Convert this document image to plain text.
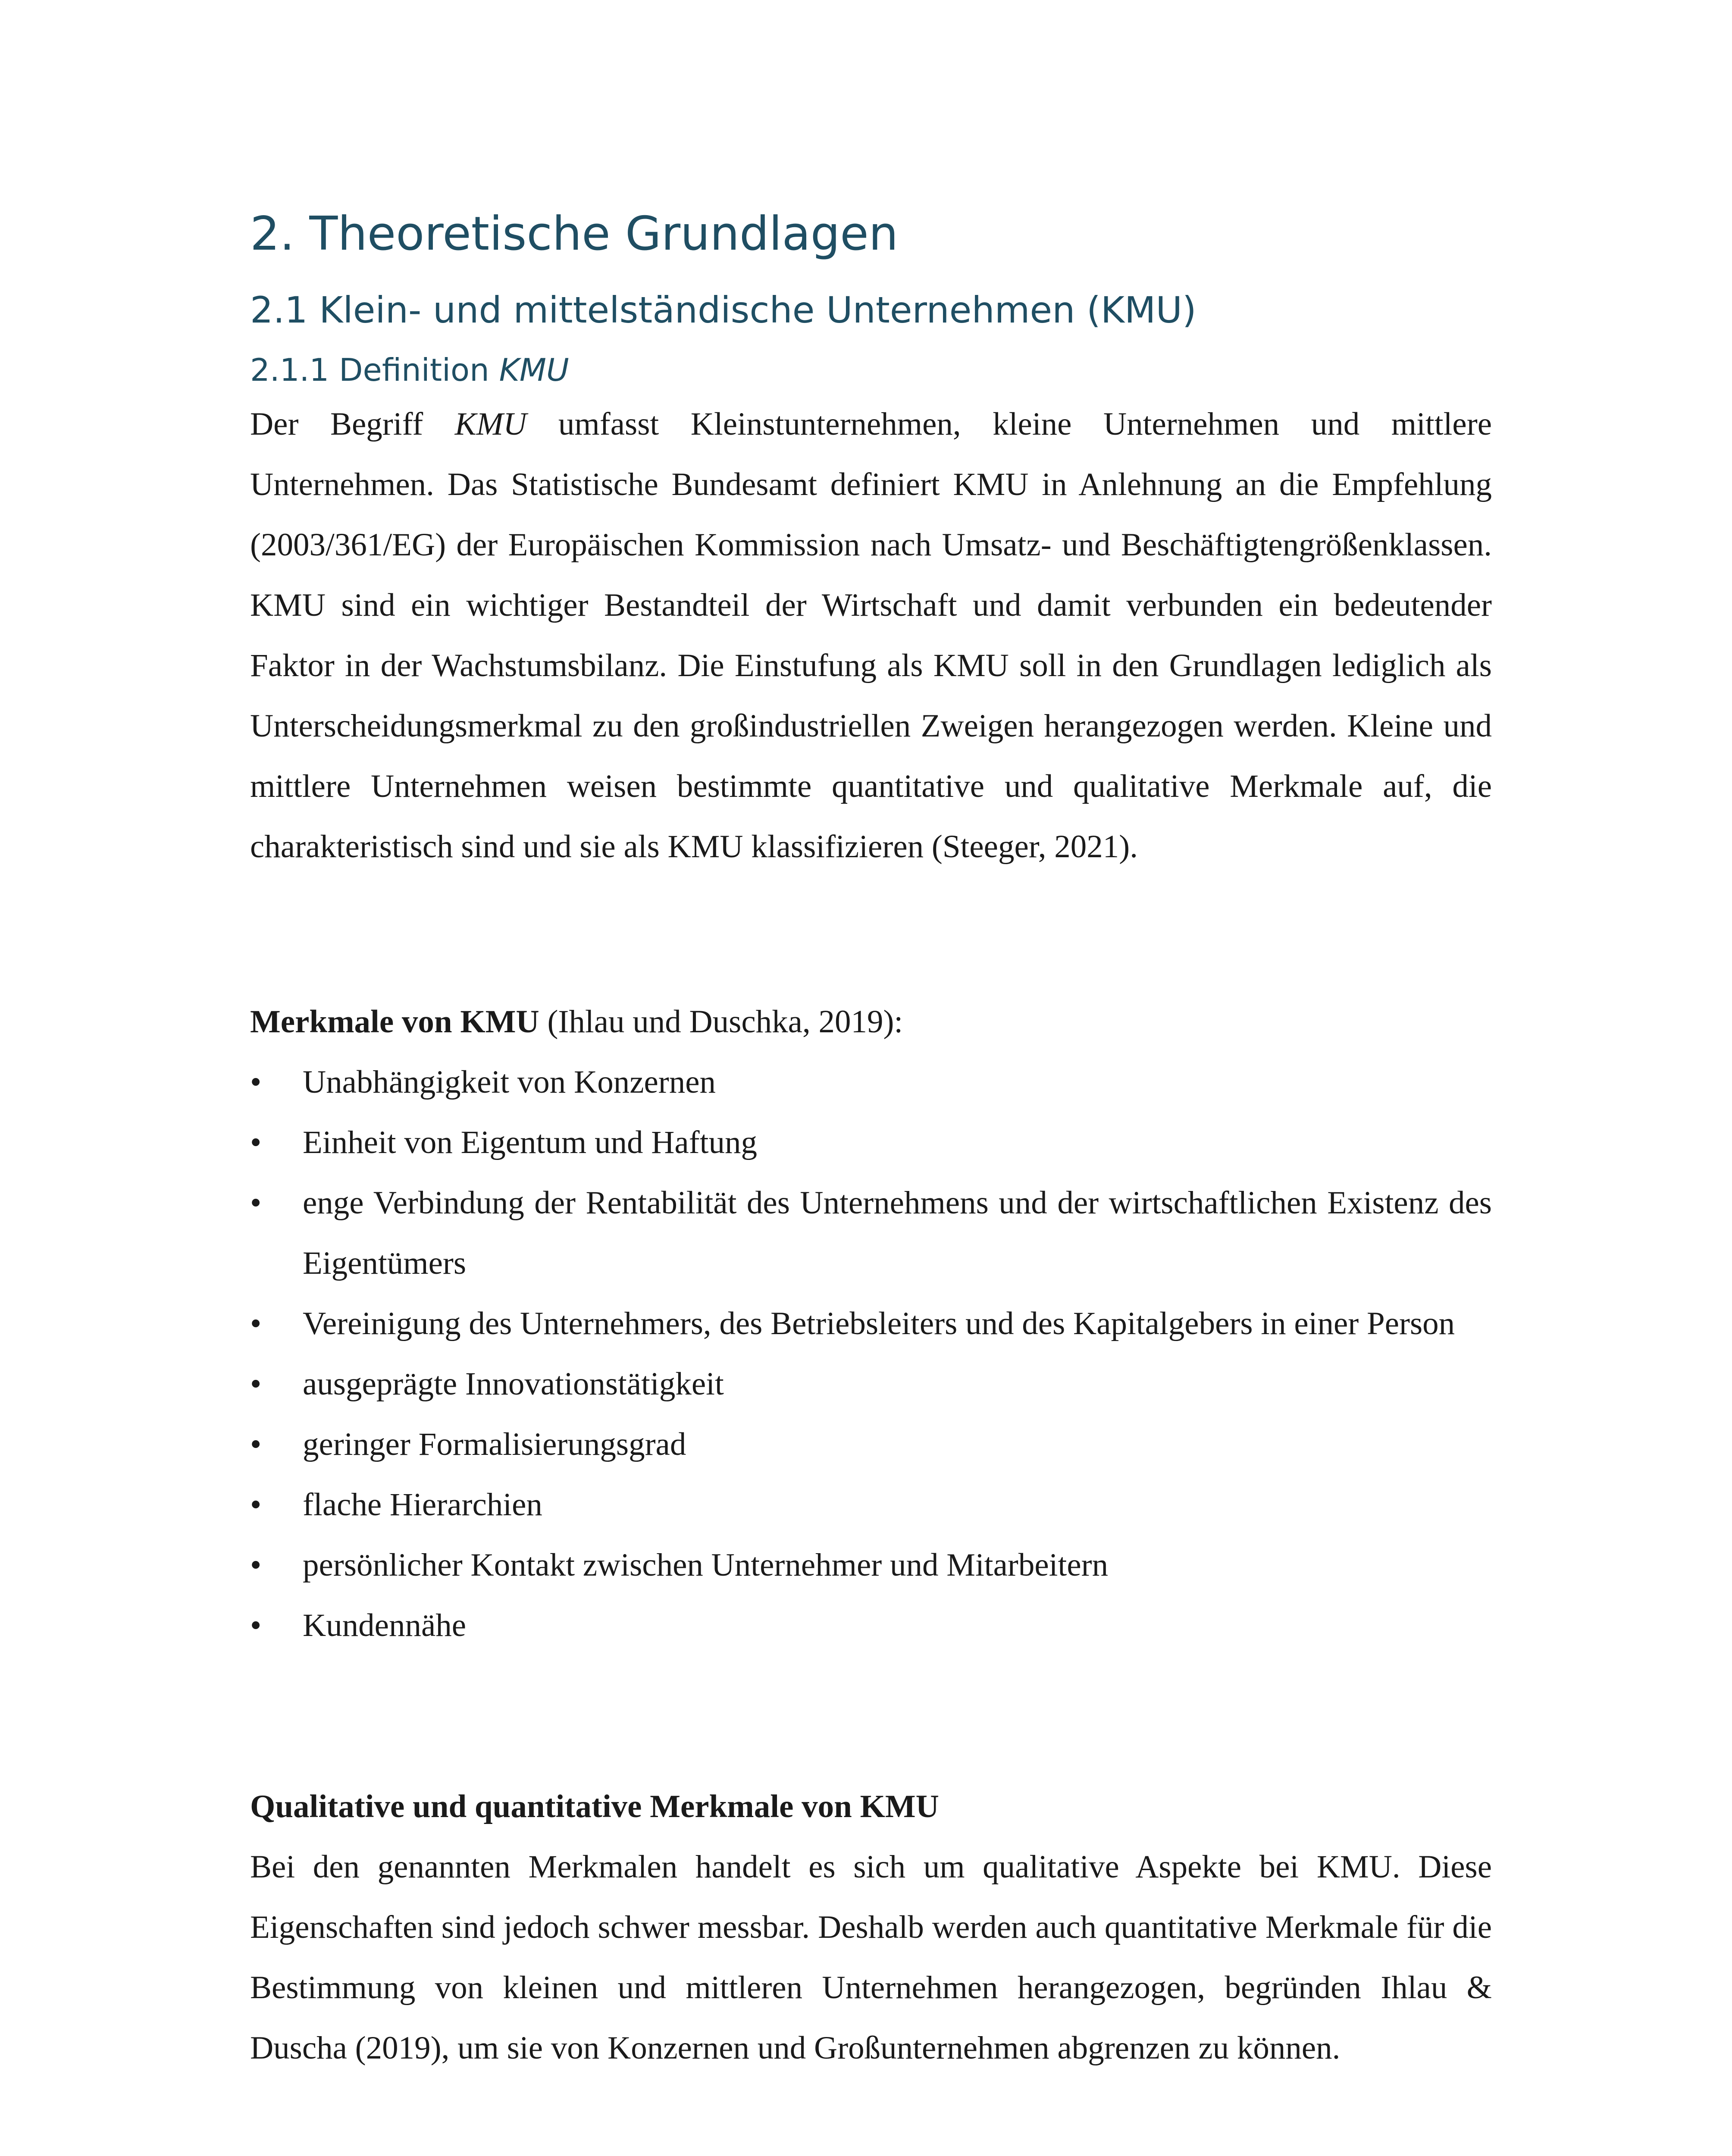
2. Theoretische Grundlagen
2.1 Klein- und mittelständische Unternehmen (KMU)
2.1.1 Definition KMU

Der Begriff KMU umfasst Kleinstunternehmen, kleine Unternehmen und mittlere Unternehmen. Das Statistische Bundesamt definiert KMU in Anlehnung an die Empfehlung (2003/361/EG) der Europäischen Kommission nach Umsatz- und Beschäftigtengrößenklassen. KMU sind ein wichtiger Bestandteil der Wirtschaft und damit verbunden ein bedeutender Faktor in der Wachstumsbilanz. Die Einstufung als KMU soll in den Grundlagen lediglich als Unterscheidungsmerkmal zu den großindustriellen Zweigen herangezogen werden. Kleine und mittlere Unternehmen weisen bestimmte quantitative und qualitative Merkmale auf, die charakteristisch sind und sie als KMU klassifizieren (Steeger, 2021).

Merkmale von KMU (Ihlau und Duschka, 2019):

•	Unabhängigkeit von Konzernen
•	Einheit von Eigentum und Haftung
•	enge Verbindung der Rentabilität des Unternehmens und der wirtschaftlichen Existenz des Eigentümers
•	Vereinigung des Unternehmers, des Betriebsleiters und des Kapitalgebers in einer Person
•	ausgeprägte Innovationstätigkeit
•	geringer Formalisierungsgrad
•	flache Hierarchien
•	persönlicher Kontakt zwischen Unternehmer und Mitarbeitern
•	Kundennähe

Qualitative und quantitative Merkmale von KMU

Bei den genannten Merkmalen handelt es sich um qualitative Aspekte bei KMU. Diese Eigenschaften sind jedoch schwer messbar. Deshalb werden auch quantitative Merkmale für die Bestimmung von kleinen und mittleren Unternehmen herangezogen, begründen Ihlau & Duscha (2019), um sie von Konzernen und Großunternehmen abgrenzen zu können.
